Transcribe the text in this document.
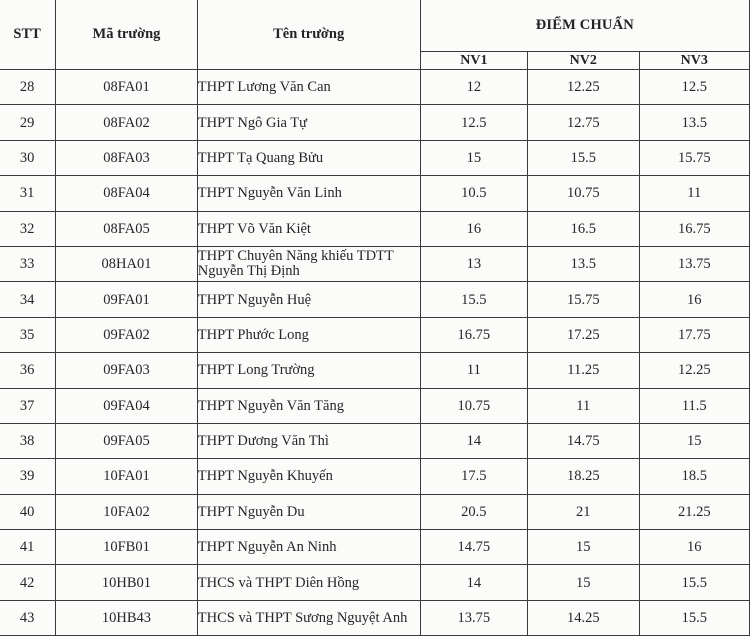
STT	Mã trường	Tên trường	ĐIỂM CHUẨN		
			NV1	NV2	NV3
28	08FA01	THPT Lương Văn Can	12	12.25	12.5
29	08FA02	THPT Ngô Gia Tự	12.5	12.75	13.5
30	08FA03	THPT Tạ Quang Bửu	15	15.5	15.75
31	08FA04	THPT Nguyễn Văn Linh	10.5	10.75	11
32	08FA05	THPT Võ Văn Kiệt	16	16.5	16.75
33	08HA01	THPT Chuyên Năng khiếu TDTT
Nguyễn Thị Định	13	13.5	13.75
34	09FA01	THPT Nguyễn Huệ	15.5	15.75	16
35	09FA02	THPT Phước Long	16.75	17.25	17.75
36	09FA03	THPT Long Trường	11	11.25	12.25
37	09FA04	THPT Nguyễn Văn Tăng	10.75	11	11.5
38	09FA05	THPT Dương Văn Thì	14	14.75	15
39	10FA01	THPT Nguyễn Khuyến	17.5	18.25	18.5
40	10FA02	THPT Nguyễn Du	20.5	21	21.25
41	10FB01	THPT Nguyễn An Ninh	14.75	15	16
42	10HB01	THCS và THPT Diên Hồng	14	15	15.5
43	10HB43	THCS và THPT Sương Nguyệt Anh	13.75	14.25	15.5
